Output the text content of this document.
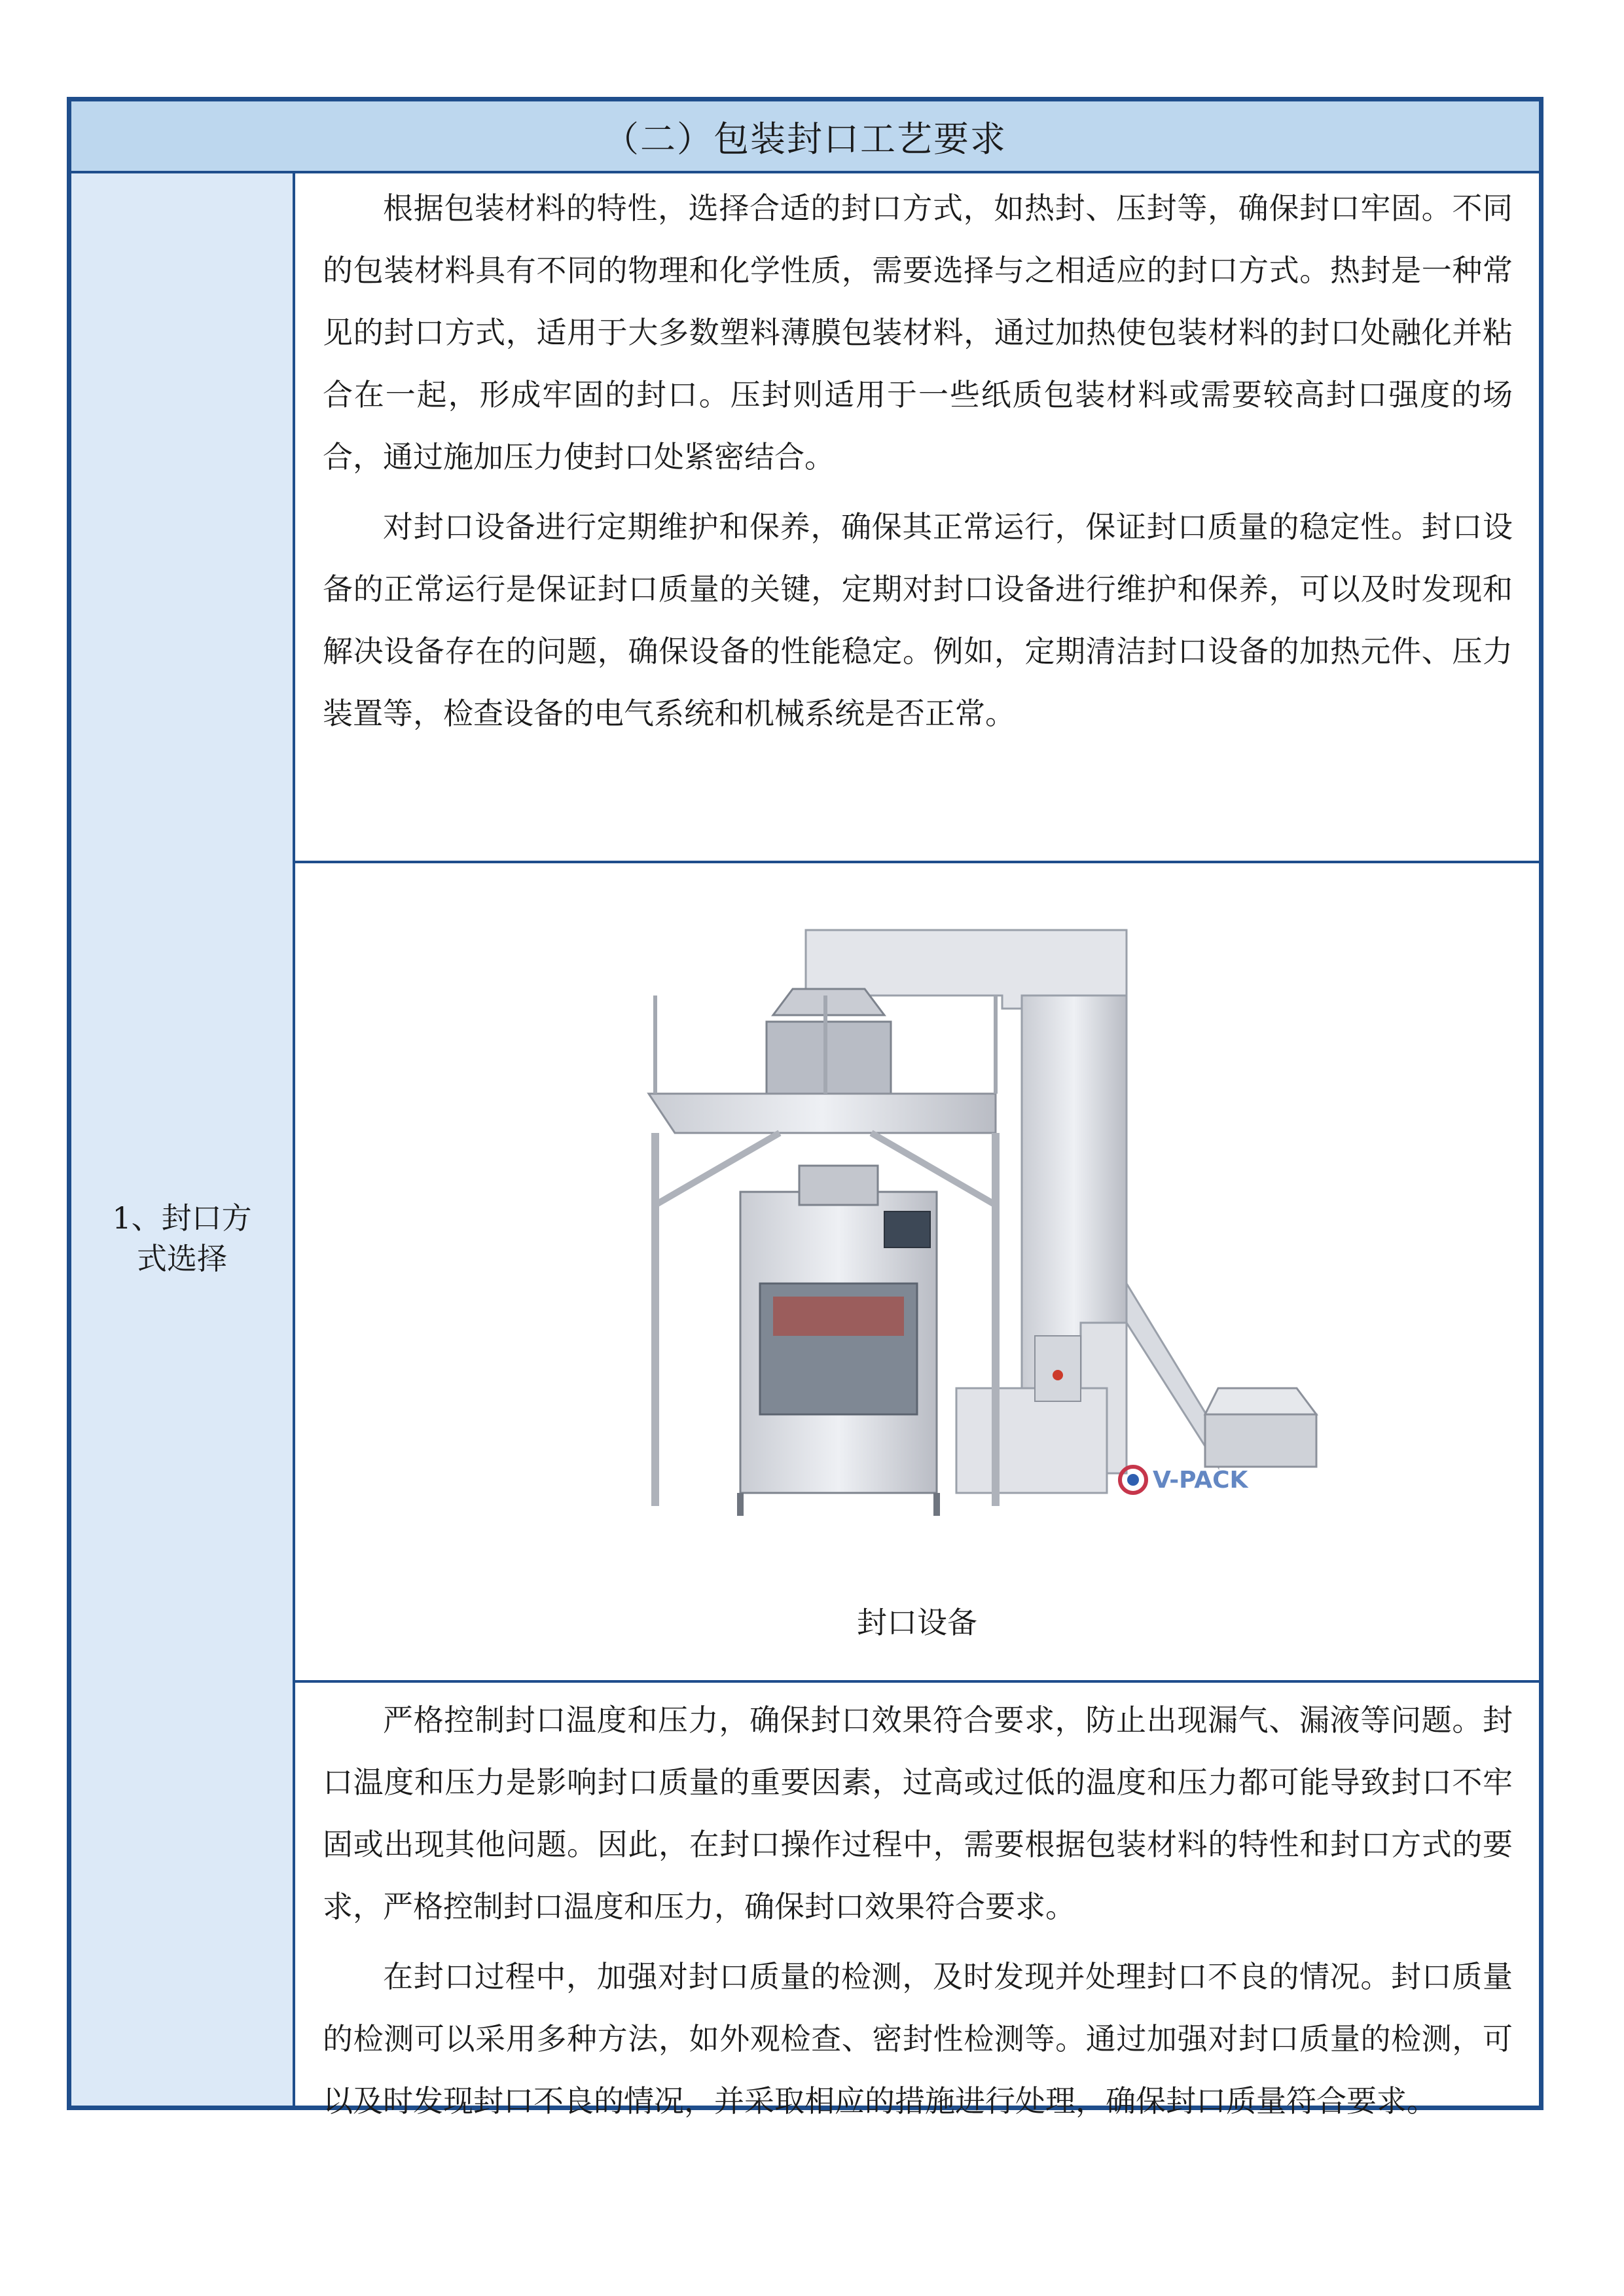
（二）包装封口工艺要求
1、封口方
式选择

根据包装材料的特性，选择合适的封口方式，如热封、压封等，确保封口牢固。不同的包装材料具有不同的物理和化学性质，需要选择与之相适应的封口方式。热封是一种常见的封口方式，适用于大多数塑料薄膜包装材料，通过加热使包装材料的封口处融化并粘合在一起，形成牢固的封口。压封则适用于一些纸质包装材料或需要较高封口强度的场合，通过施加压力使封口处紧密结合。

对封口设备进行定期维护和保养，确保其正常运行，保证封口质量的稳定性。封口设备的正常运行是保证封口质量的关键，定期对封口设备进行维护和保养，可以及时发现和解决设备存在的问题，确保设备的性能稳定。例如，定期清洁封口设备的加热元件、压力装置等，检查设备的电气系统和机械系统是否正常。

V-PACK
封口设备

严格控制封口温度和压力，确保封口效果符合要求，防止出现漏气、漏液等问题。封口温度和压力是影响封口质量的重要因素，过高或过低的温度和压力都可能导致封口不牢固或出现其他问题。因此，在封口操作过程中，需要根据包装材料的特性和封口方式的要求，严格控制封口温度和压力，确保封口效果符合要求。

在封口过程中，加强对封口质量的检测，及时发现并处理封口不良的情况。封口质量的检测可以采用多种方法，如外观检查、密封性检测等。通过加强对封口质量的检测，可以及时发现封口不良的情况，并采取相应的措施进行处理，确保封口质量符合要求。
